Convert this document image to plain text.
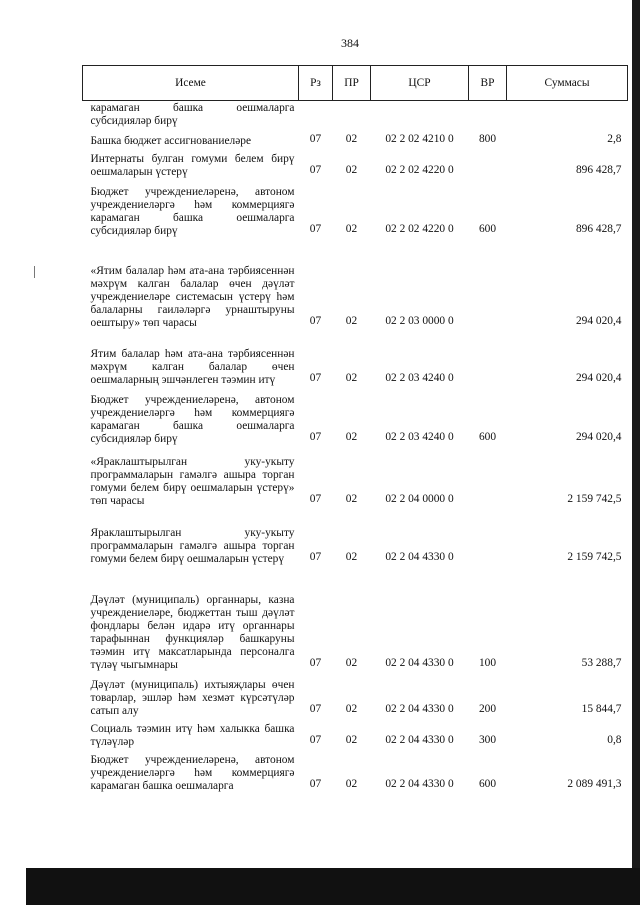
384
Исеме	Рз	ПР	ЦСР	ВР	Суммасы
карамаган башка оешмаларга субсидияләр бирү					
Башка бюджет ассигнованиеләре	07	02	02 2 02 4210 0	800	2,8
Интернаты булган гомуми белем бирү оешмаларын үстерү	07	02	02 2 02 4220 0		896 428,7
Бюджет учреждениеләренә, автоном учреждениеләргә һәм коммерциягә карамаган башка оешмаларга субсидияләр бирү	07	02	02 2 02 4220 0	600	896 428,7
«Ятим балалар һәм ата-ана тәрбиясеннән мәхрүм калган балалар өчен дәүләт учреждениеләре системасын үстерү һәм балаларны гаиләләргә урнаштыруны оештыру» төп чарасы	07	02	02 2 03 0000 0		294 020,4
Ятим балалар һәм ата-ана тәрбиясеннән мәхрүм калган балалар өчен оешмаларның эшчәнлеген тәэмин итү	07	02	02 2 03 4240 0		294 020,4
Бюджет учреждениеләренә, автоном учреждениеләргә һәм коммерциягә карамаган башка оешмаларга субсидияләр бирү	07	02	02 2 03 4240 0	600	294 020,4
«Яраклаштырылган уку-укыту программаларын гамәлгә ашыра торган гомуми белем бирү оешмаларын үстерү» төп чарасы	07	02	02 2 04 0000 0		2 159 742,5
Яраклаштырылган уку-укыту программаларын гамәлгә ашыра торган гомуми белем бирү оешмаларын үстерү	07	02	02 2 04 4330 0		2 159 742,5
Дәүләт (муниципаль) органнары, казна учреждениеләре, бюджеттан тыш дәүләт фондлары белән идарә итү органнары тарафыннан функцияләр башкаруны тәэмин итү максатларында персоналга түләү чыгымнары	07	02	02 2 04 4330 0	100	53 288,7
Дәүләт (муниципаль) ихтыяҗлары өчен товарлар, эшләр һәм хезмәт күрсәтүләр сатып алу	07	02	02 2 04 4330 0	200	15 844,7
Социаль тәэмин итү һәм халыкка башка түләүләр	07	02	02 2 04 4330 0	300	0,8
Бюджет учреждениеләренә, автоном учреждениеләргә һәм коммерциягә карамаган башка оешмаларга	07	02	02 2 04 4330 0	600	2 089 491,3
